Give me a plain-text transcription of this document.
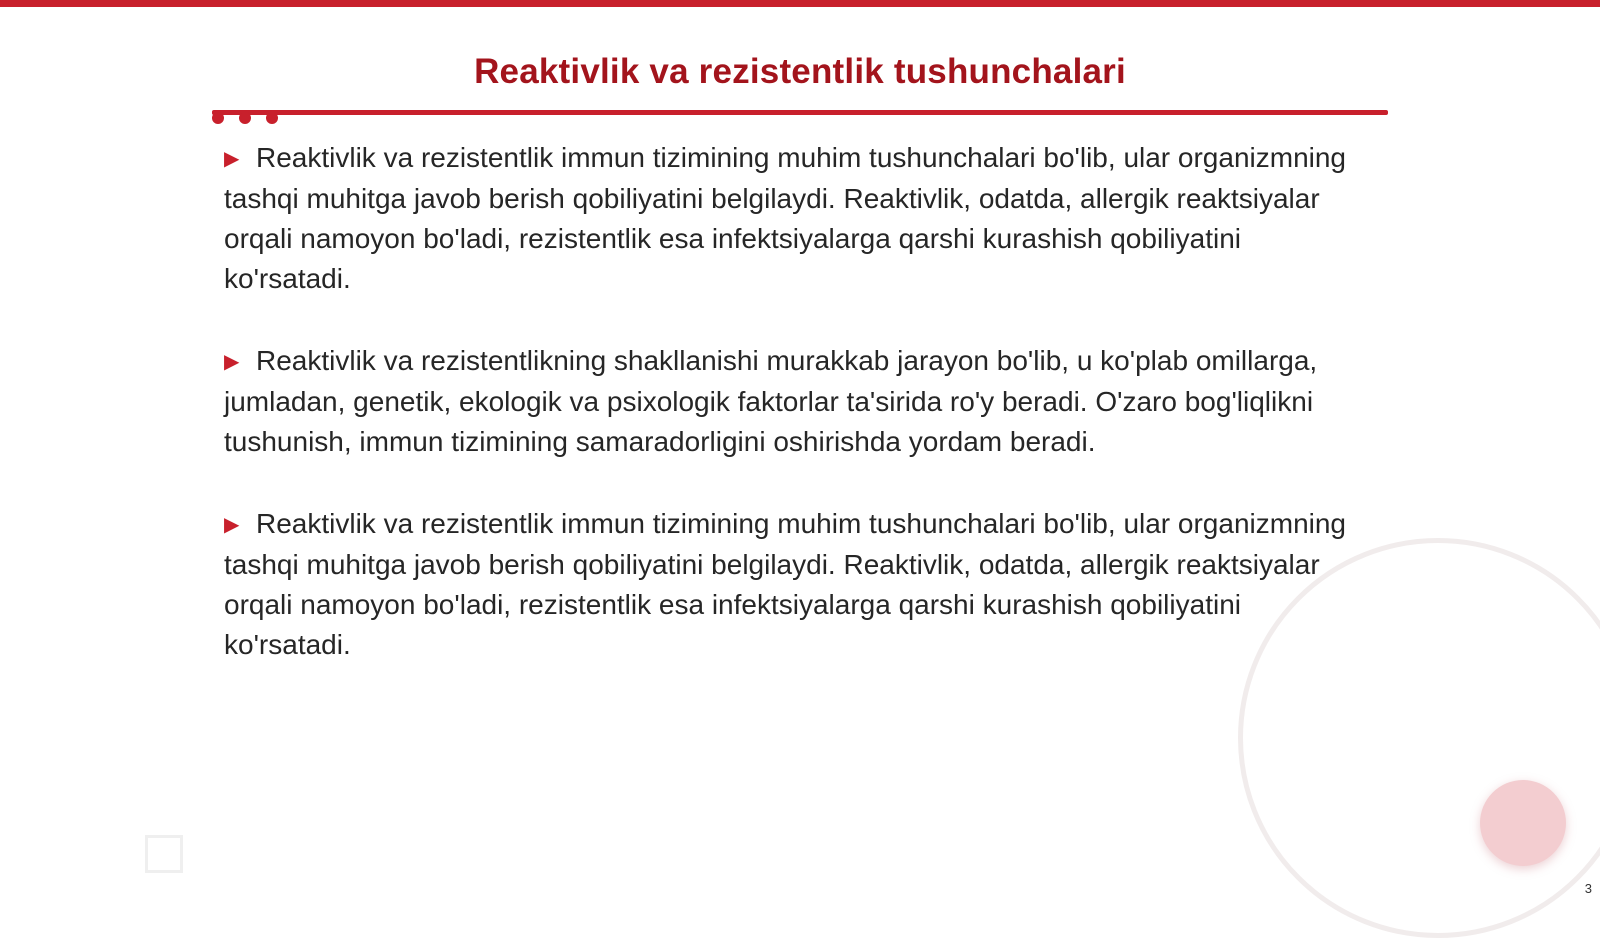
Reaktivlik va rezistentlik tushunchalari
▶ Reaktivlik va rezistentlik immun tizimining muhim tushunchalari bo'lib, ular organizmning tashqi muhitga javob berish qobiliyatini belgilaydi. Reaktivlik, odatda, allergik reaktsiyalar orqali namoyon bo'ladi, rezistentlik esa infektsiyalarga qarshi kurashish qobiliyatini ko'rsatadi.
▶ Reaktivlik va rezistentlikning shakllanishi murakkab jarayon bo'lib, u ko'plab omillarga, jumladan, genetik, ekologik va psixologik faktorlar ta'sirida ro'y beradi. O'zaro bog'liqlikni tushunish, immun tizimining samaradorligini oshirishda yordam beradi.
▶ Reaktivlik va rezistentlik immun tizimining muhim tushunchalari bo'lib, ular organizmning tashqi muhitga javob berish qobiliyatini belgilaydi. Reaktivlik, odatda, allergik reaktsiyalar orqali namoyon bo'ladi, rezistentlik esa infektsiyalarga qarshi kurashish qobiliyatini ko'rsatadi.
3
